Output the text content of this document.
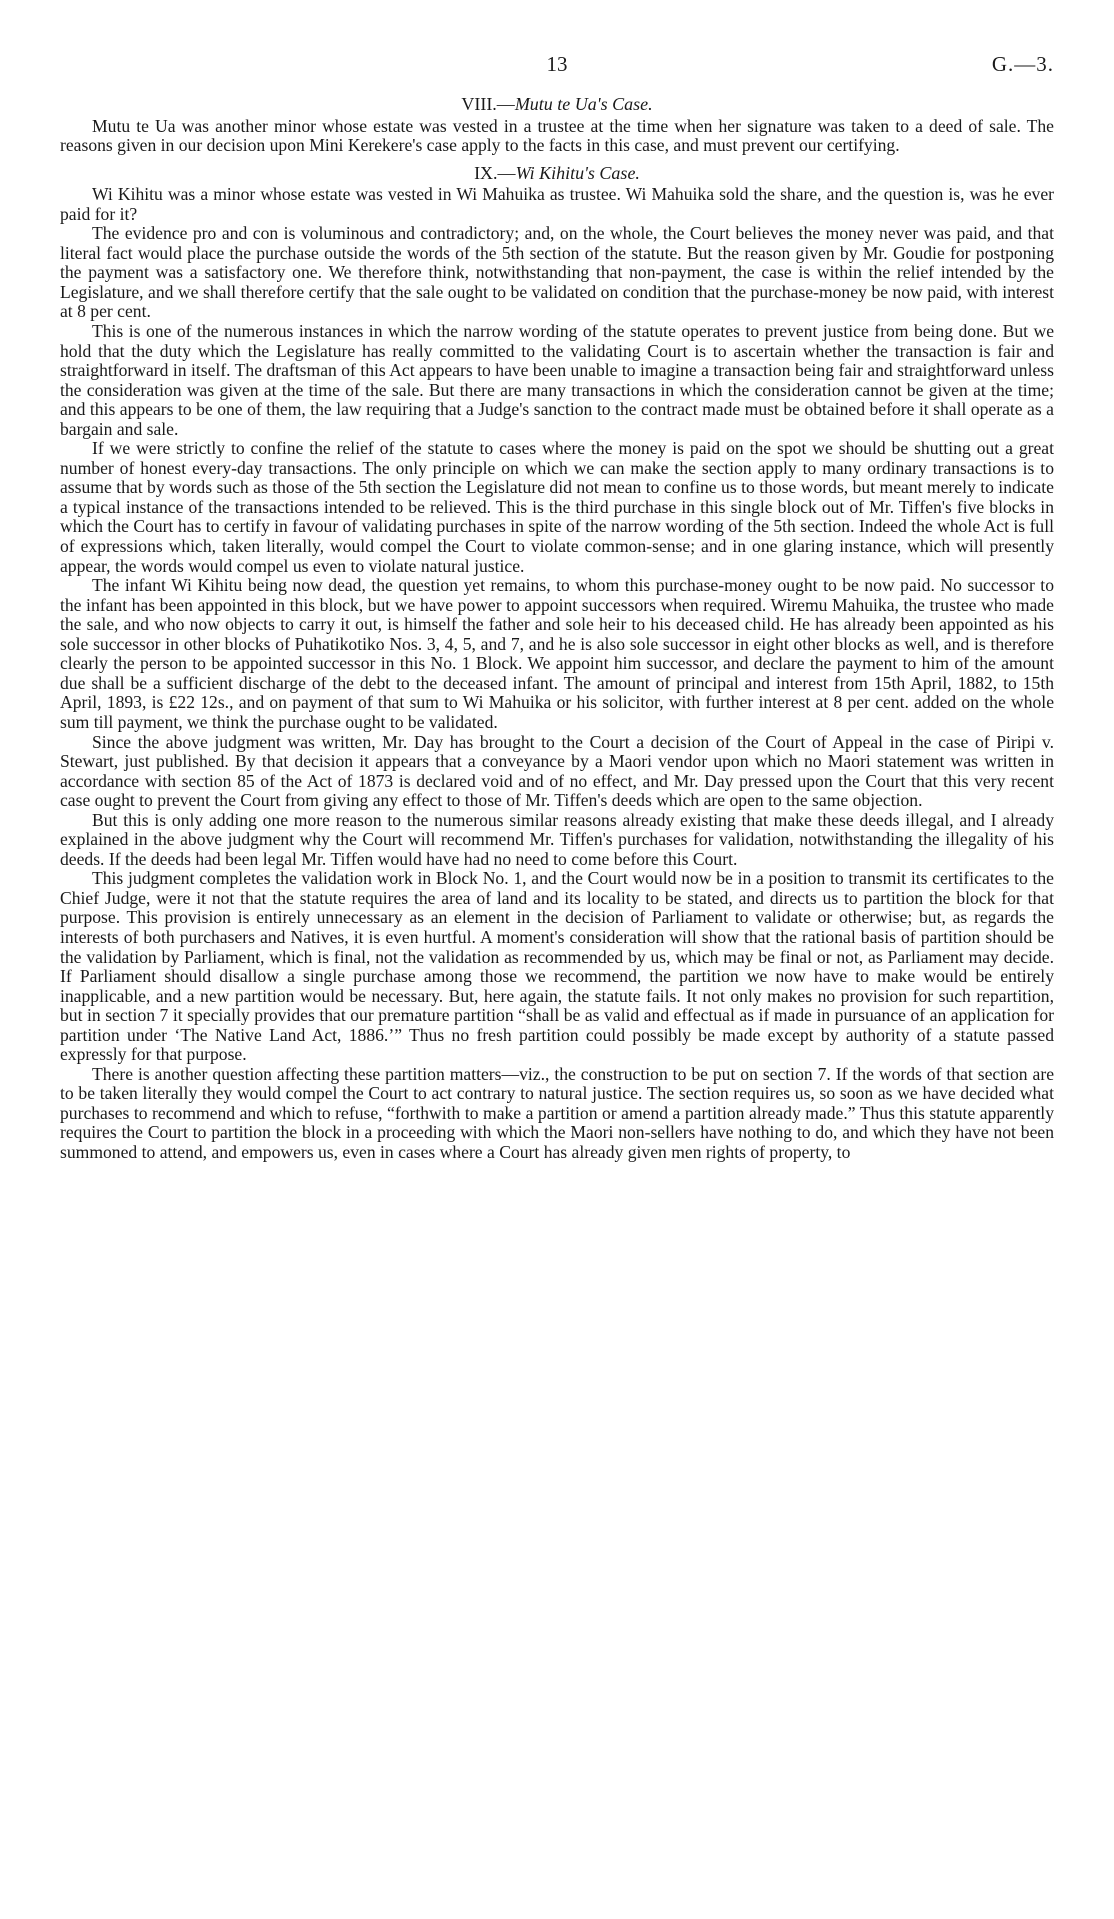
13	G.—3.
VIII.—Mutu te Ua's Case.

Mutu te Ua was another minor whose estate was vested in a trustee at the time when her signature was taken to a deed of sale. The reasons given in our decision upon Mini Kerekere's case apply to the facts in this case, and must prevent our certifying.

IX.—Wi Kihitu's Case.

Wi Kihitu was a minor whose estate was vested in Wi Mahuika as trustee. Wi Mahuika sold the share, and the question is, was he ever paid for it?

The evidence pro and con is voluminous and contradictory; and, on the whole, the Court believes the money never was paid, and that literal fact would place the purchase outside the words of the 5th section of the statute. But the reason given by Mr. Goudie for postponing the payment was a satisfactory one. We therefore think, notwithstanding that non-payment, the case is within the relief intended by the Legislature, and we shall therefore certify that the sale ought to be validated on condition that the purchase-money be now paid, with interest at 8 per cent.

This is one of the numerous instances in which the narrow wording of the statute operates to prevent justice from being done. But we hold that the duty which the Legislature has really committed to the validating Court is to ascertain whether the transaction is fair and straightforward in itself. The draftsman of this Act appears to have been unable to imagine a transaction being fair and straightforward unless the consideration was given at the time of the sale. But there are many transactions in which the consideration cannot be given at the time; and this appears to be one of them, the law requiring that a Judge's sanction to the contract made must be obtained before it shall operate as a bargain and sale.

If we were strictly to confine the relief of the statute to cases where the money is paid on the spot we should be shutting out a great number of honest every-day transactions. The only principle on which we can make the section apply to many ordinary transactions is to assume that by words such as those of the 5th section the Legislature did not mean to confine us to those words, but meant merely to indicate a typical instance of the transactions intended to be relieved. This is the third purchase in this single block out of Mr. Tiffen's five blocks in which the Court has to certify in favour of validating purchases in spite of the narrow wording of the 5th section. Indeed the whole Act is full of expressions which, taken literally, would compel the Court to violate common-sense; and in one glaring instance, which will presently appear, the words would compel us even to violate natural justice.

The infant Wi Kihitu being now dead, the question yet remains, to whom this purchase-money ought to be now paid. No successor to the infant has been appointed in this block, but we have power to appoint successors when required. Wiremu Mahuika, the trustee who made the sale, and who now objects to carry it out, is himself the father and sole heir to his deceased child. He has already been appointed as his sole successor in other blocks of Puhatikotiko Nos. 3, 4, 5, and 7, and he is also sole successor in eight other blocks as well, and is therefore clearly the person to be appointed successor in this No. 1 Block. We appoint him successor, and declare the payment to him of the amount due shall be a sufficient discharge of the debt to the deceased infant. The amount of principal and interest from 15th April, 1882, to 15th April, 1893, is £22 12s., and on payment of that sum to Wi Mahuika or his solicitor, with further interest at 8 per cent. added on the whole sum till payment, we think the purchase ought to be validated.

Since the above judgment was written, Mr. Day has brought to the Court a decision of the Court of Appeal in the case of Piripi v. Stewart, just published. By that decision it appears that a conveyance by a Maori vendor upon which no Maori statement was written in accordance with section 85 of the Act of 1873 is declared void and of no effect, and Mr. Day pressed upon the Court that this very recent case ought to prevent the Court from giving any effect to those of Mr. Tiffen's deeds which are open to the same objection.

But this is only adding one more reason to the numerous similar reasons already existing that make these deeds illegal, and I already explained in the above judgment why the Court will recommend Mr. Tiffen's purchases for validation, notwithstanding the illegality of his deeds. If the deeds had been legal Mr. Tiffen would have had no need to come before this Court.

This judgment completes the validation work in Block No. 1, and the Court would now be in a position to transmit its certificates to the Chief Judge, were it not that the statute requires the area of land and its locality to be stated, and directs us to partition the block for that purpose. This provision is entirely unnecessary as an element in the decision of Parliament to validate or otherwise; but, as regards the interests of both purchasers and Natives, it is even hurtful. A moment's consideration will show that the rational basis of partition should be the validation by Parliament, which is final, not the validation as recommended by us, which may be final or not, as Parliament may decide. If Parliament should disallow a single purchase among those we recommend, the partition we now have to make would be entirely inapplicable, and a new partition would be necessary. But, here again, the statute fails. It not only makes no provision for such repartition, but in section 7 it specially provides that our premature partition “shall be as valid and effectual as if made in pursuance of an application for partition under ‘The Native Land Act, 1886.’” Thus no fresh partition could possibly be made except by authority of a statute passed expressly for that purpose.

There is another question affecting these partition matters—viz., the construction to be put on section 7. If the words of that section are to be taken literally they would compel the Court to act contrary to natural justice. The section requires us, so soon as we have decided what purchases to recommend and which to refuse, “forthwith to make a partition or amend a partition already made.” Thus this statute apparently requires the Court to partition the block in a proceeding with which the Maori non-sellers have nothing to do, and which they have not been summoned to attend, and empowers us, even in cases where a Court has already given men rights of property, to
